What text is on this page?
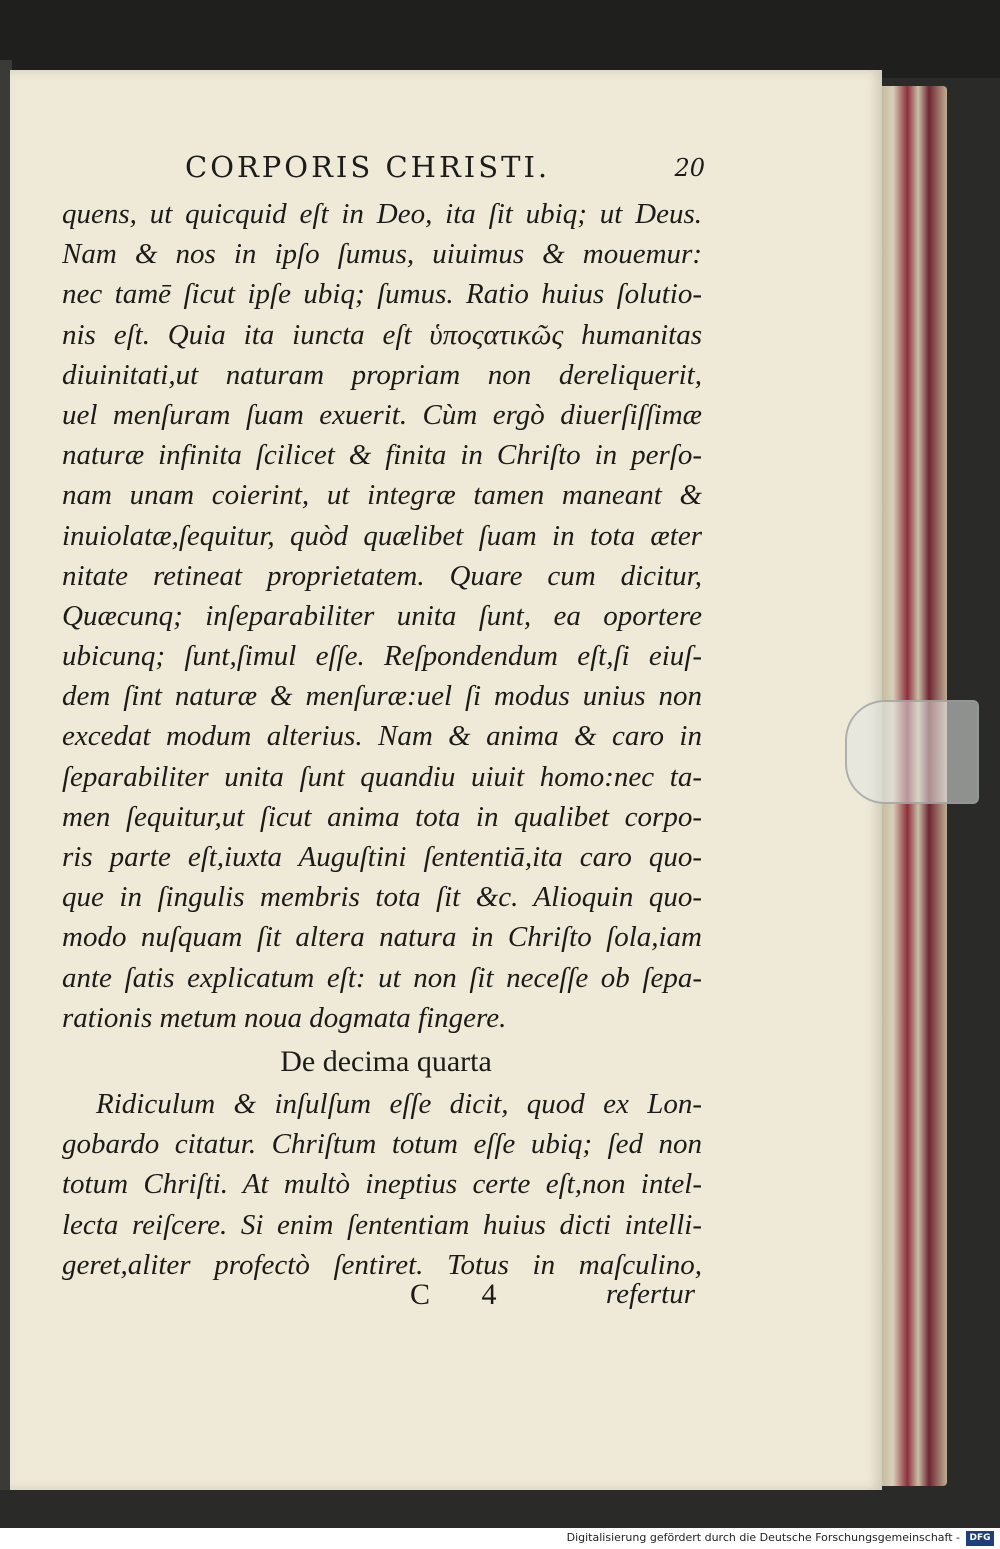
CORPORIS CHRISTI.	20
quens, ut quicquid eſt in Deo, ita ſit ubiq; ut Deus.
Nam & nos in ipſo ſumus, uiuimus & mouemur:
nec tamē ſicut ipſe ubiq; ſumus. Ratio huius ſolutio-
nis eſt. Quia ita iuncta eſt ὑποςατικῶς humanitas
diuinitati,ut naturam propriam non dereliquerit,
uel menſuram ſuam exuerit. Cùm ergò diuerſiſſimæ
naturæ infinita ſcilicet & finita in Chriſto in perſo-
nam unam coierint, ut integræ tamen maneant &
inuiolatæ,ſequitur, quòd quælibet ſuam in tota æter
nitate retineat proprietatem. Quare cum dicitur,
Quæcunq; inſeparabiliter unita ſunt, ea oportere
ubicunq; ſunt,ſimul eſſe. Reſpondendum eſt,ſi eiuſ-
dem ſint naturæ & menſuræ:uel ſi modus unius non
excedat modum alterius. Nam & anima & caro in
ſeparabiliter unita ſunt quandiu uiuit homo:nec ta-
men ſequitur,ut ſicut anima tota in qualibet corpo-
ris parte eſt,iuxta Auguſtini ſententiā,ita caro quo-
que in ſingulis membris tota ſit &c. Alioquin quo-
modo nuſquam ſit altera natura in Chriſto ſola,iam
ante ſatis explicatum eſt: ut non ſit neceſſe ob ſepa-
rationis metum noua dogmata fingere.
De decima quarta
Ridiculum & inſulſum eſſe dicit, quod ex Lon-
gobardo citatur. Chriſtum totum eſſe ubiq; ſed non
totum Chriſti. At multò ineptius certe eſt,non intel-
lecta reiſcere. Si enim ſententiam huius dicti intelli-
geret,aliter profectò ſentiret. Totus in maſculino,
C 4	refertur
Digitalisierung gefördert durch die Deutsche Forschungsgemeinschaft -	DFG
